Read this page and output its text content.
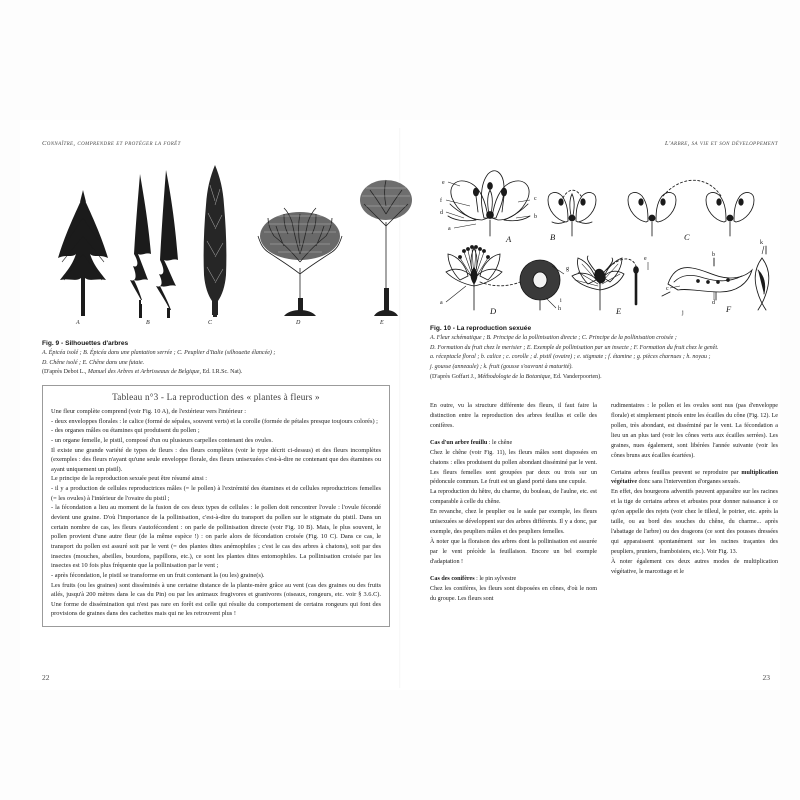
Connaître, comprendre et protéger la forêt
A	B	C	D	E
Fig. 9 - Silhouettes d'arbres
A. Épicéa isolé ; B. Épicéa dans une plantation serrée ; C. Peuplier d'Italie (silhouette élancée) ;
D. Chêne isolé ; E. Chêne dans une futaie.
(D'après Debot L., Manuel des Arbres et Arbrisseaux de Belgique, Ed. I.R.Sc. Nat).
Tableau n°3 - La reproduction des « plantes à fleurs »

Une fleur complète comprend (voir Fig. 10 A), de l'extérieur vers l'intérieur :

- deux enveloppes florales : le calice (formé de sépales, souvent verts) et la corolle (formée de pétales presque toujours colorés) ;

- des organes mâles ou étamines qui produisent du pollen ;

- un organe femelle, le pistil, composé d'un ou plusieurs carpelles contenant des ovules.

Il existe une grande variété de types de fleurs : des fleurs complètes (voir le type décrit ci-dessus) et des fleurs incomplètes (exemples : des fleurs n'ayant qu'une seule enveloppe florale, des fleurs unisexuées c'est-à-dire ne contenant que des étamines ou ayant uniquement un pistil).

Le principe de la reproduction sexuée peut être résumé ainsi :

- il y a production de cellules reproductrices mâles (= le pollen) à l'extrémité des étamines et de cellules reproductrices femelles (= les ovules) à l'intérieur de l'ovaire du pistil ;

- la fécondation a lieu au moment de la fusion de ces deux types de cellules : le pollen doit rencontrer l'ovule : l'ovule fécondé devient une graine. D'où l'importance de la pollinisation, c'est-à-dire du transport du pollen sur le stigmate du pistil. Dans un certain nombre de cas, les fleurs s'autofécondent : on parle de pollinisation directe (voir Fig. 10 B). Mais, le plus souvent, le pollen provient d'une autre fleur (de la même espèce !) : on parle alors de fécondation croisée (Fig. 10 C). Dans ce cas, le transport du pollen est assuré soit par le vent (= des plantes dites anémophiles ; c'est le cas des arbres à chatons), soit par des insectes (mouches, abeilles, bourdons, papillons, etc.), ce sont les plantes dites entomophiles. La pollinisation croisée par les insectes est 10 fois plus fréquente que la pollinisation par le vent ;

- après fécondation, le pistil se transforme en un fruit contenant la (ou les) graine(s).

Les fruits (ou les graines) sont disséminés à une certaine distance de la plante-mère grâce au vent (cas des graines ou des fruits ailés, jusqu'à 200 mètres dans le cas du Pin) ou par les animaux frugivores et granivores (oiseaux, rongeurs, etc. voir § 3.6.C). Une forme de dissémination qui n'est pas rare en forêt est celle qui résulte du comportement de certains rongeurs qui font des provisions de graines dans des cachettes mais qui ne les retrouvent plus !

22
L'arbre, sa vie et son développement
A	B	C
D	E	F
e
f
d
a
b
c
a	i
g
h
e
c
b
d
k
j
Fig. 10 - La reproduction sexuée
A. Fleur schématique ; B. Principe de la pollinisation directe ; C. Principe de la pollinisation croisée ;
D. Formation du fruit chez le merisier ; E. Exemple de pollinisation par un insecte ; F. Formation du fruit chez le genêt.
a. réceptacle floral ; b. calice ; c. corolle ; d. pistil (ovaire) ; e. stigmate ; f. étamine ; g. pièces charnues ; h. noyau ;
j. gousse (anneaule) ; k. fruit (gousse s'ouvrant à maturité).
(D'après Goffart J., Méthodologie de la Botanique, Ed. Vanderpoorten).

En outre, vu la structure différente des fleurs, il faut faire la distinction entre la reproduction des arbres feuillus et celle des conifères.

Cas d'un arbre feuillu : le chêne

Chez le chêne (voir Fig. 11), les fleurs mâles sont disposées en chatons : elles produisent du pollen abondant disséminé par le vent. Les fleurs femelles sont groupées par deux ou trois sur un pédoncule commun. Le fruit est un gland porté dans une cupule.

La reproduction du hêtre, du charme, du bouleau, de l'aulne, etc. est comparable à celle du chêne.

En revanche, chez le peuplier ou le saule par exemple, les fleurs unisexuées se développent sur des arbres différents. Il y a donc, par exemple, des peupliers mâles et des peupliers femelles.

À noter que la floraison des arbres dont la pollinisation est assurée par le vent précède la feuillaison. Encore un bel exemple d'adaptation !

Cas des conifères : le pin sylvestre

Chez les conifères, les fleurs sont disposées en cônes, d'où le nom du groupe. Les fleurs sont

rudimentaires : le pollen et les ovules sont nus (pas d'enveloppe florale) et simplement pincés entre les écailles du cône (Fig. 12). Le pollen, très abondant, est disséminé par le vent. La fécondation a lieu un an plus tard (voir les cônes verts aux écailles serrées). Les graines, nues également, sont libérées l'année suivante (voir les cônes bruns aux écailles écartées).

Certains arbres feuillus peuvent se reproduire par multiplication végétative donc sans l'intervention d'organes sexués.

En effet, des bourgeons adventifs peuvent apparaître sur les racines et la tige de certains arbres et arbustes pour donner naissance à ce qu'on appelle des rejets (voir chez le tilleul, le poirier, etc. après la taille, ou au bord des souches du chêne, du charme... après l'abattage de l'arbre) ou des drageons (ce sont des pousses dressées qui apparaissent spontanément sur les racines traçantes des peupliers, pruniers, framboisiers, etc.). Voir Fig. 13.

À noter également ces deux autres modes de multiplication végétative, le marcottage et le

23
